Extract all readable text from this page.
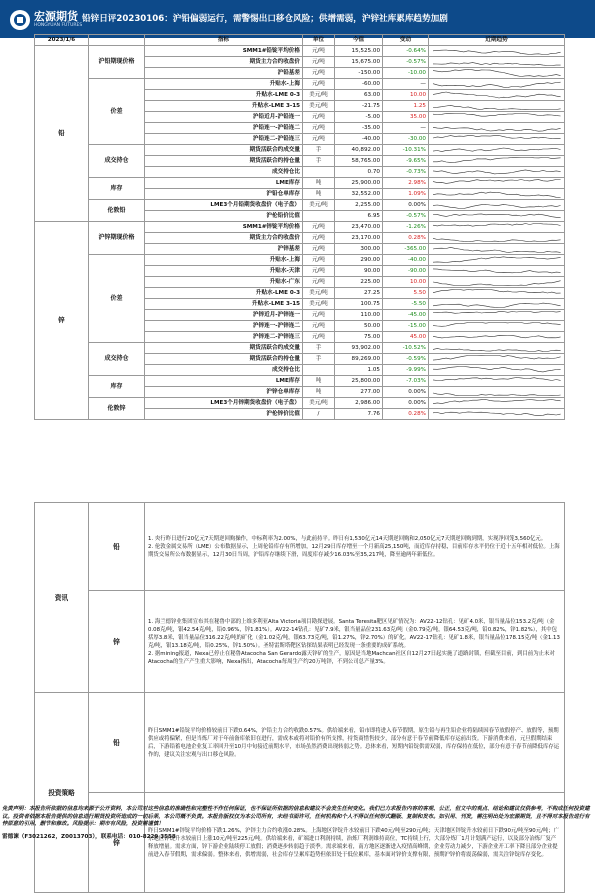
宏源期货
HONGYUAN FUTURES
铅锌日评20230106：沪铅偏弱运行，需警惕出口移仓风险；供增需弱，沪锌社库累库趋势加剧
2023/1/6		指标	单位	今值	变动	近期趋势
铅	沪铅期现价格	SMM1#铅锭平均价格	元/吨	15,525.00	-0.64%	

		期货主力合约收盘价	元/吨	15,675.00	-0.57%	

		沪铅基差	元/吨	-150.00	-10.00	

	价差	升贴水-上海	元/吨	-60.00	—	

		升贴水-LME 0-3	美元/吨	63.00	10.00	

		升贴水-LME 3-15	美元/吨	-21.75	1.25	

		沪铅近月-沪铅连一	元/吨	-5.00	35.00	

		沪铅连一-沪铅连二	元/吨	-35.00	—	

		沪铅连二-沪铅连三	元/吨	-40.00	-30.00	

	成交持仓	期货活跃合约成交量	手	40,892.00	-10.31%	

		期货活跃合约持仓量	手	58,765.00	-9.65%	

		成交持仓比		0.70	-0.73%	

	库存	LME库存	吨	25,900.00	2.98%	

		沪铅仓单库存	吨	32,552.00	1.09%	

	伦敦铅	LME3个月铅期货收盘价（电子盘）	美元/吨	2,255.00	0.00%	

		沪伦铅价比值		6.95	-0.57%	

锌	沪锌期现价格	SMM1#锌锭平均价格	元/吨	23,470.00	-1.26%	

		期货主力合约收盘价	元/吨	23,170.00	0.28%	

		沪锌基差	元/吨	300.00	-365.00	

	价差	升贴水-上海	元/吨	290.00	-40.00	

		升贴水-天津	元/吨	90.00	-90.00	

		升贴水-广东	元/吨	225.00	10.00	

		升贴水-LME 0-3	美元/吨	27.25	5.50	

		升贴水-LME 3-15	美元/吨	100.75	-5.50	

		沪锌近月-沪锌连一	元/吨	110.00	-45.00	

		沪锌连一-沪锌连二	元/吨	50.00	-15.00	

		沪锌连二-沪锌连三	元/吨	75.00	45.00	

	成交持仓	期货活跃合约成交量	手	93,902.00	-10.52%	

		期货活跃合约持仓量	手	89,269.00	-0.59%	

		成交持仓比		1.05	-9.99%	

	库存	LME库存	吨	25,800.00	-7.03%	

		沪锌仓单库存	吨	277.00	0.00%	

	伦敦锌	LME3个月锌期货收盘价（电子盘）	美元/吨	2,986.00	0.00%	

		沪伦锌价比值	/	7.76	0.28%	
资讯	铅	1. 央行昨日进行20亿元7天期逆回购操作，中标利率为2.00%，与此前持平。昨日有1,530亿元14天期逆回购和2,050亿元7天期逆回购到期，实现净回笼3,560亿元。

2. 伦敦金属交易所（LME）公布数据显示，上周伦铅库存有所增加，12月29日库存增至一个月新高25,150吨，而近库存持稳，目前库存水平仍位于近十五年相对低位。上海期货交易所公布数据显示，12月30日当周，沪铅库存继续下滑，周度库存减少16.03%至35,217吨，降至逾两年新低位。

	锌	1. 海兰德锌业集团宣布其在秘鲁中部的上维多利亚Alta Victoria项目勘探进展。Santa Teresita靶区见矿情况为：AV22-12钻孔：见矿4.0米，银当量品位153.2克/吨（金0.08克/吨，银42.54克/吨，铅0.96%，锌1.81%）。AV22-14钻孔：见矿7.9米，银当量品位231.63克/吨（金0.79克/吨，银64.53克/吨，铅0.82%，锌1.82%），其中包括厚3.8米，银当量品位316.22克/吨的矿化（金1.02克/吨，银63.73克/吨，铅1.27%，锌2.70%）的矿化。AV22-17钻孔：见矿1.8米，银当量品位178.15克/吨（金1.13克/吨，银13.18克/吨，铅0.25%，锌1.50%）。圣特雷斯塔靶区钻探结果表明已经发现一条重要的成矿系统。

2. 据mining报道，Nexa已停止在秘鲁Atacocha San Gerardo露天锌矿的生产，原因是当地Machcan社区自12月27日起实施了道路封锁，但截至目前，到目前为止未对Atacocha的生产产生重大影响，Nexa指出，Atacocha每周生产约20万吨锌，不到公司总产量3%。

投资策略	铅	昨日SMM1#铅锭平均价格较前日下跌0.64%，沪铅主力合约收跌0.57%。供给端来看，铅市即将进入春节假期，原生铅与再生铅企业将陆续因春节放假停产、放假等，预期供应或将偏紧，但是当炼厂对于年前备库依旧在进行，需成本或将对铅价有所支撑，持货商惜售较少，部分有意于春节前降低库存运前出货。下游消费来看，元旦假期结束后，下游铅蓄电池企业复工率回升至10月中旬接近前期水平，市场虽然消费出现转弱之势。总体来看，短期内铅锭供需双弱，库存保持在低位，部分有意于春节前降低库存运作的，建议关注宏观与出口移仓风险。
	锌	昨日SMM1#锌锭平均价格下跌1.26%，沪锌主力合约收涨0.28%。上海地区锌锭升水较前日下跌40元/吨至290元/吨；天津地区锌锭升水较前日下跌90元/吨至90元/吨；广东地区锌锭升水较前日上涨10元/吨至225元/吨。供给端来看，矿端进口利润持续，治炼厂利润维持高位，TC持续上行，大部分炼厂1月计划满产运行，以及部分冶炼厂复产释放增量。需求方面，锌下游企业陆续停工放假；消费逐步转弱趋于淡季。需求端来看，南方地区逐渐进入疫情高峰期，企业劳动力减少，下游企业开工率下降且部分企业提前进入春节假期，需求偏弱。整体来看，供增需弱，社会库存呈累库趋势但依旧处于低位累库，基本面对锌价支撑有限，预期沪锌价将震荡偏弱，需关注锌锭库存变化。
免责声明：本报告所依据的信息均来源于公开资料，本公司对这些信息的准确性和完整性不作任何保证，也不保证所依据的信息和建议不会发生任何变化。我们已力求报告内容的客观、公正，但文中的观点、结论和建议仅供参考，不构成任何投资建议。投资者依据本报告提供的信息进行期货投资所造成的一切后果，本公司概不负责。本报告版权仅为本公司所有，未经书面许可，任何机构和个人不得以任何形式翻版、复制和发布。如引用、刊发，需注明出处为宏源期货，且不得对本报告进行有悖原意的引用、删节和修改。风险提示：期市有风险，投资需谨慎！
雷德谏（F3021262，Z0013703），联系电话：010-8229 3558
